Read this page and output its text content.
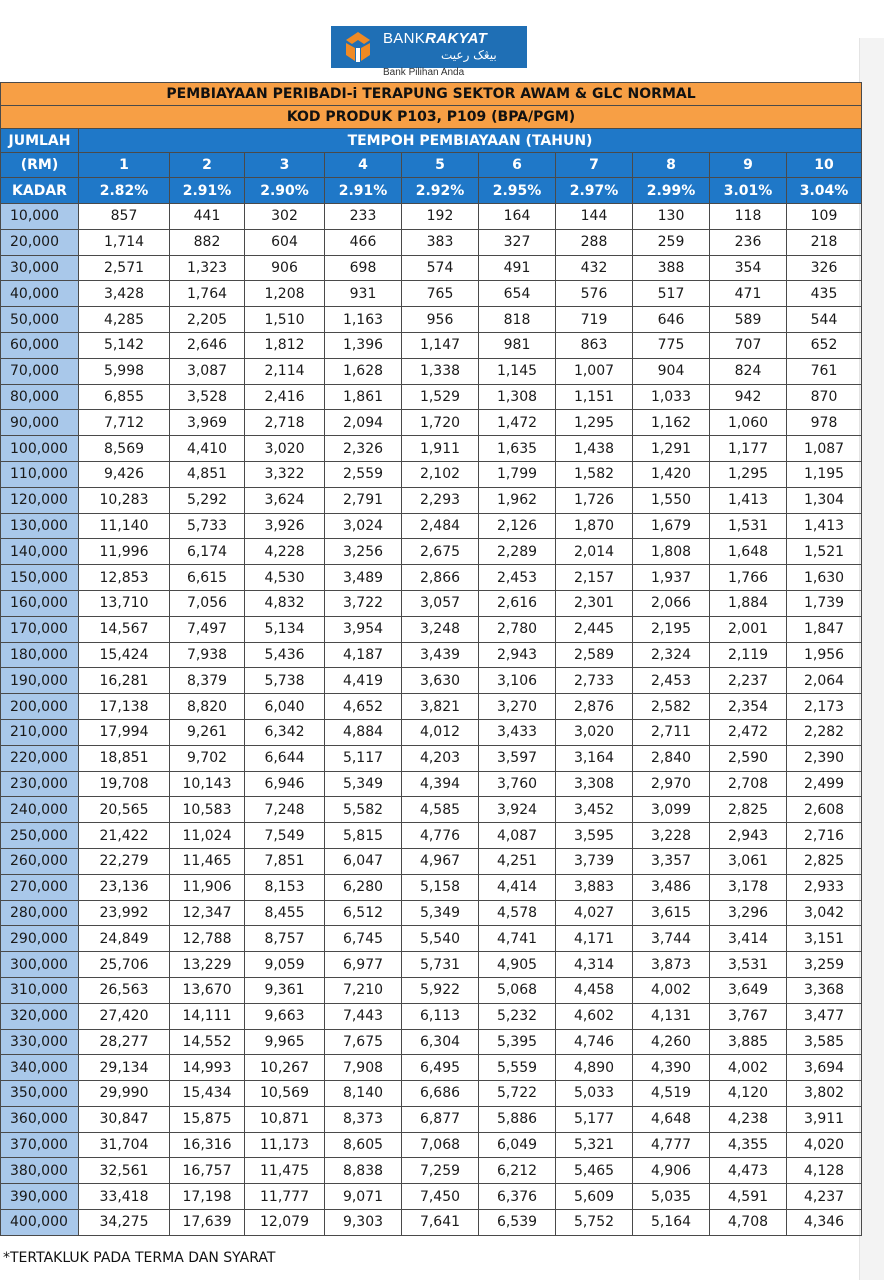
BANKRAKYAT
بيڠک رعيت
Bank Pilihan Anda
PEMBIAYAAN PERIBADI-i TERAPUNG SEKTOR AWAM & GLC NORMAL										
KOD PRODUK P103, P109 (BPA/PGM)										
JUMLAH	TEMPOH PEMBIAYAAN (TAHUN)									
(RM)	1	2	3	4	5	6	7	8	9	10
KADAR	2.82%	2.91%	2.90%	2.91%	2.92%	2.95%	2.97%	2.99%	3.01%	3.04%
10,000	857	441	302	233	192	164	144	130	118	109
20,000	1,714	882	604	466	383	327	288	259	236	218
30,000	2,571	1,323	906	698	574	491	432	388	354	326
40,000	3,428	1,764	1,208	931	765	654	576	517	471	435
50,000	4,285	2,205	1,510	1,163	956	818	719	646	589	544
60,000	5,142	2,646	1,812	1,396	1,147	981	863	775	707	652
70,000	5,998	3,087	2,114	1,628	1,338	1,145	1,007	904	824	761
80,000	6,855	3,528	2,416	1,861	1,529	1,308	1,151	1,033	942	870
90,000	7,712	3,969	2,718	2,094	1,720	1,472	1,295	1,162	1,060	978
100,000	8,569	4,410	3,020	2,326	1,911	1,635	1,438	1,291	1,177	1,087
110,000	9,426	4,851	3,322	2,559	2,102	1,799	1,582	1,420	1,295	1,195
120,000	10,283	5,292	3,624	2,791	2,293	1,962	1,726	1,550	1,413	1,304
130,000	11,140	5,733	3,926	3,024	2,484	2,126	1,870	1,679	1,531	1,413
140,000	11,996	6,174	4,228	3,256	2,675	2,289	2,014	1,808	1,648	1,521
150,000	12,853	6,615	4,530	3,489	2,866	2,453	2,157	1,937	1,766	1,630
160,000	13,710	7,056	4,832	3,722	3,057	2,616	2,301	2,066	1,884	1,739
170,000	14,567	7,497	5,134	3,954	3,248	2,780	2,445	2,195	2,001	1,847
180,000	15,424	7,938	5,436	4,187	3,439	2,943	2,589	2,324	2,119	1,956
190,000	16,281	8,379	5,738	4,419	3,630	3,106	2,733	2,453	2,237	2,064
200,000	17,138	8,820	6,040	4,652	3,821	3,270	2,876	2,582	2,354	2,173
210,000	17,994	9,261	6,342	4,884	4,012	3,433	3,020	2,711	2,472	2,282
220,000	18,851	9,702	6,644	5,117	4,203	3,597	3,164	2,840	2,590	2,390
230,000	19,708	10,143	6,946	5,349	4,394	3,760	3,308	2,970	2,708	2,499
240,000	20,565	10,583	7,248	5,582	4,585	3,924	3,452	3,099	2,825	2,608
250,000	21,422	11,024	7,549	5,815	4,776	4,087	3,595	3,228	2,943	2,716
260,000	22,279	11,465	7,851	6,047	4,967	4,251	3,739	3,357	3,061	2,825
270,000	23,136	11,906	8,153	6,280	5,158	4,414	3,883	3,486	3,178	2,933
280,000	23,992	12,347	8,455	6,512	5,349	4,578	4,027	3,615	3,296	3,042
290,000	24,849	12,788	8,757	6,745	5,540	4,741	4,171	3,744	3,414	3,151
300,000	25,706	13,229	9,059	6,977	5,731	4,905	4,314	3,873	3,531	3,259
310,000	26,563	13,670	9,361	7,210	5,922	5,068	4,458	4,002	3,649	3,368
320,000	27,420	14,111	9,663	7,443	6,113	5,232	4,602	4,131	3,767	3,477
330,000	28,277	14,552	9,965	7,675	6,304	5,395	4,746	4,260	3,885	3,585
340,000	29,134	14,993	10,267	7,908	6,495	5,559	4,890	4,390	4,002	3,694
350,000	29,990	15,434	10,569	8,140	6,686	5,722	5,033	4,519	4,120	3,802
360,000	30,847	15,875	10,871	8,373	6,877	5,886	5,177	4,648	4,238	3,911
370,000	31,704	16,316	11,173	8,605	7,068	6,049	5,321	4,777	4,355	4,020
380,000	32,561	16,757	11,475	8,838	7,259	6,212	5,465	4,906	4,473	4,128
390,000	33,418	17,198	11,777	9,071	7,450	6,376	5,609	5,035	4,591	4,237
400,000	34,275	17,639	12,079	9,303	7,641	6,539	5,752	5,164	4,708	4,346
*TERTAKLUK PADA TERMA DAN SYARAT
